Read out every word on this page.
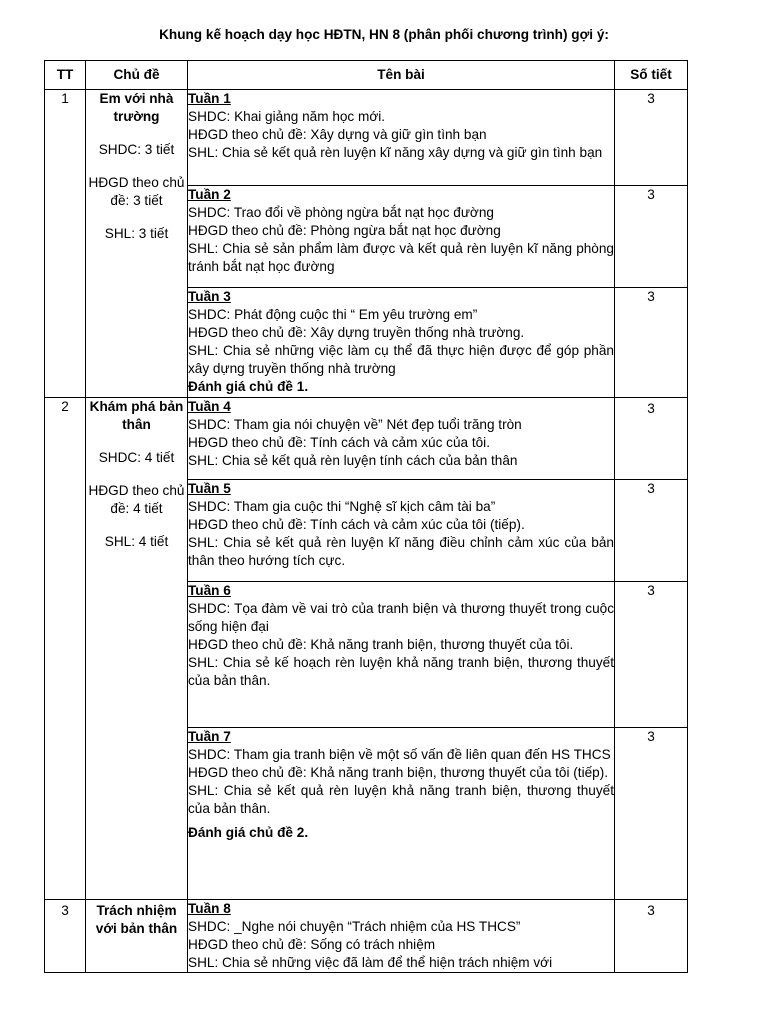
Khung kế hoạch dạy học HĐTN, HN 8 (phân phối chương trình) gợi ý:
TT	Chủ đề	Tên bài	Số tiết
1	Em với nhà trường
SHDC: 3 tiết
HĐGD theo chủ đề: 3 tiết
SHL: 3 tiết	Tuần 1
SHDC: Khai giảng năm học mới.
HĐGD theo chủ đề: Xây dựng và giữ gìn tình bạn
SHL: Chia sẻ kết quả rèn luyện kĩ năng xây dựng và giữ gìn tình bạn	3

		Tuần 2
SHDC: Trao đổi về phòng ngừa bắt nạt học đường
HĐGD theo chủ đề: Phòng ngừa bắt nạt học đường
SHL: Chia sẻ sản phẩm làm được và kết quả rèn luyện kĩ năng phòng tránh bắt nạt học đường	3

		Tuần 3
SHDC: Phát động cuộc thi “ Em yêu trường em”
HĐGD theo chủ đề: Xây dựng truyền thống nhà trường.
SHL: Chia sẻ những việc làm cụ thể đã thực hiện được để góp phần xây dựng truyền thống nhà trường
Đánh giá chủ đề 1.	3
2	Khám phá bản thân
SHDC: 4 tiết
HĐGD theo chủ đề: 4 tiết
SHL: 4 tiết	Tuần 4
SHDC: Tham gia nói chuyện về” Nét đẹp tuổi trăng tròn
HĐGD theo chủ đề: Tính cách và cảm xúc của tôi.
SHL: Chia sẻ kết quả rèn luyện tính cách của bản thân	3

		Tuần 5
SHDC: Tham gia cuộc thi “Nghệ sĩ kịch câm tài ba”
HĐGD theo chủ đề: Tính cách và cảm xúc của tôi (tiếp).
SHL: Chia sẻ kết quả rèn luyện kĩ năng điều chỉnh cảm xúc của bản thân theo hướng tích cực.	3

		Tuần 6
SHDC: Tọa đàm về vai trò của tranh biện và thương thuyết trong cuộc sống hiện đại
HĐGD theo chủ đề: Khả năng tranh biện, thương thuyết của tôi.
SHL: Chia sẻ kế hoạch rèn luyện khả năng tranh biện, thương thuyết của bản thân.	3

		Tuần 7
SHDC: Tham gia tranh biện về một số vấn đề liên quan đến HS THCS
HĐGD theo chủ đề: Khả năng tranh biện, thương thuyết của tôi (tiếp).
SHL: Chia sẻ kết quả rèn luyện khả năng tranh biện, thương thuyết của bản thân.
Đánh giá chủ đề 2.	3
3	Trách nhiệm với bản thân	Tuần 8
SHDC: _Nghe nói chuyện “Trách nhiệm của HS THCS”
HĐGD theo chủ đề: Sống có trách nhiệm
SHL: Chia sẻ những việc đã làm để thể hiện trách nhiệm với	3
